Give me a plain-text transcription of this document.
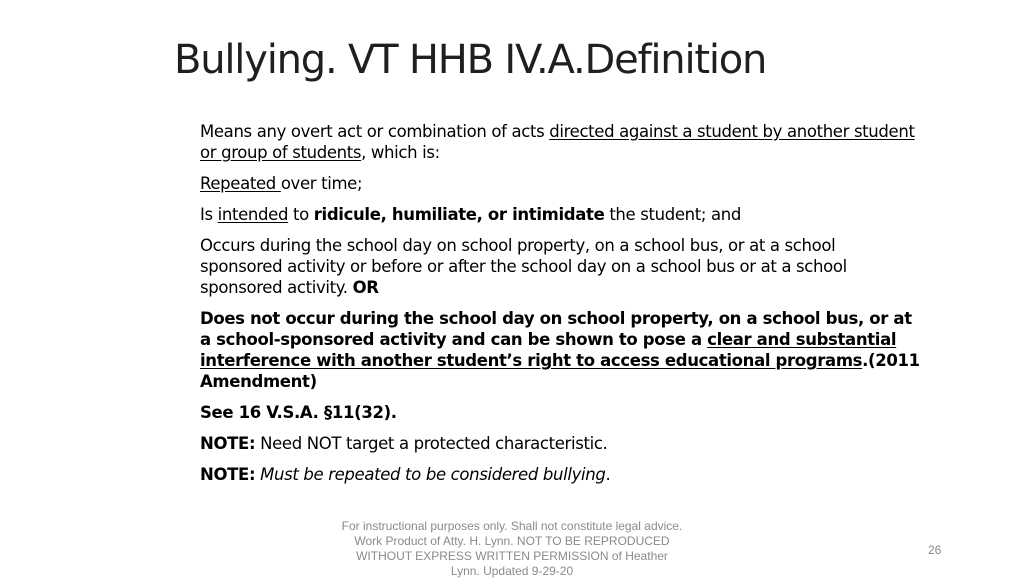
Bullying. VT HHB IV.A.Definition

Means any overt act or combination of acts directed against a student by another student or group of students, which is:

Repeated over time;

Is intended to ridicule, humiliate, or intimidate the student; and

Occurs during the school day on school property, on a school bus, or at a school sponsored activity or before or after the school day on a school bus or at a school sponsored activity. OR

Does not occur during the school day on school property, on a school bus, or at a school-sponsored activity and can be shown to pose a clear and substantial interference with another student’s right to access educational programs.(2011 Amendment)

See 16 V.S.A. §11(32).

NOTE: Need NOT target a protected characteristic.

NOTE: Must be repeated to be considered bullying.

For instructional purposes only. Shall not constitute legal advice. Work Product of Atty. H. Lynn. NOT TO BE REPRODUCED WITHOUT EXPRESS WRITTEN PERMISSION of Heather Lynn. Updated 9-29-20
26
